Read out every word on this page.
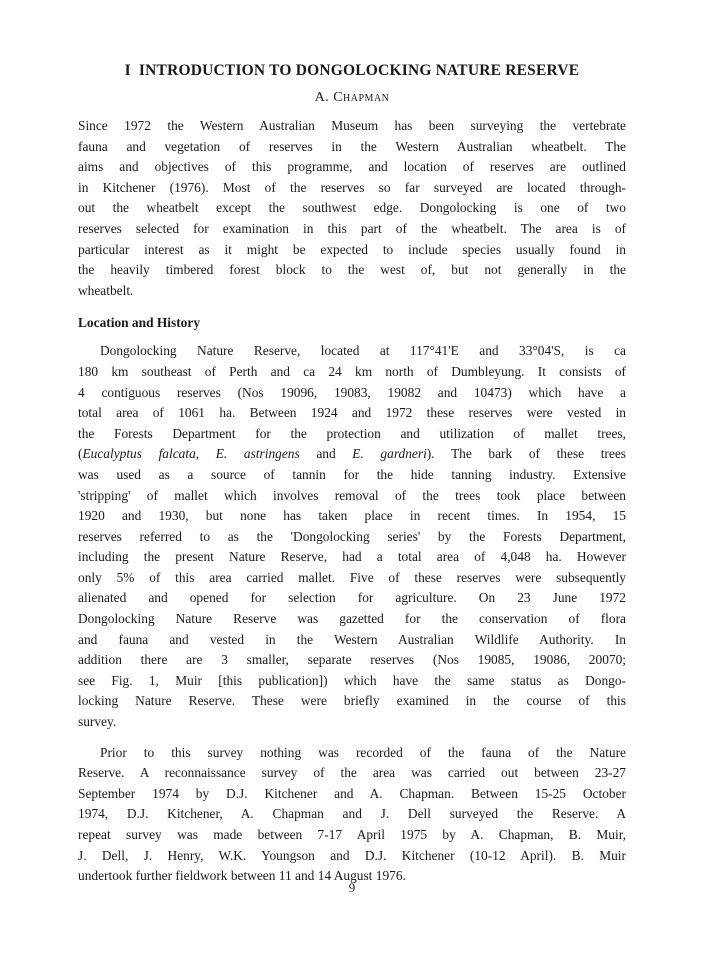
I INTRODUCTION TO DONGOLOCKING NATURE RESERVE
A. Chapman

Since 1972 the Western Australian Museum has been surveying the vertebrate
fauna and vegetation of reserves in the Western Australian wheatbelt. The
aims and objectives of this programme, and location of reserves are outlined
in Kitchener (1976). Most of the reserves so far surveyed are located through-
out the wheatbelt except the southwest edge. Dongolocking is one of two
reserves selected for examination in this part of the wheatbelt. The area is of
particular interest as it might be expected to include species usually found in
the heavily timbered forest block to the west of, but not generally in the
wheatbelt.

Location and History

Dongolocking Nature Reserve, located at 117°41'E and 33°04'S, is ca
180 km southeast of Perth and ca 24 km north of Dumbleyung. It consists of
4 contiguous reserves (Nos 19096, 19083, 19082 and 10473) which have a
total area of 1061 ha. Between 1924 and 1972 these reserves were vested in
the Forests Department for the protection and utilization of mallet trees,
(Eucalyptus falcata, E. astringens and E. gardneri). The bark of these trees
was used as a source of tannin for the hide tanning industry. Extensive
'stripping' of mallet which involves removal of the trees took place between
1920 and 1930, but none has taken place in recent times. In 1954, 15
reserves referred to as the 'Dongolocking series' by the Forests Department,
including the present Nature Reserve, had a total area of 4,048 ha. However
only 5% of this area carried mallet. Five of these reserves were subsequently
alienated and opened for selection for agriculture. On 23 June 1972
Dongolocking Nature Reserve was gazetted for the conservation of flora
and fauna and vested in the Western Australian Wildlife Authority. In
addition there are 3 smaller, separate reserves (Nos 19085, 19086, 20070;
see Fig. 1, Muir [this publication]) which have the same status as Dongo-
locking Nature Reserve. These were briefly examined in the course of this
survey.

Prior to this survey nothing was recorded of the fauna of the Nature
Reserve. A reconnaissance survey of the area was carried out between 23-27
September 1974 by D.J. Kitchener and A. Chapman. Between 15-25 October
1974, D.J. Kitchener, A. Chapman and J. Dell surveyed the Reserve. A
repeat survey was made between 7-17 April 1975 by A. Chapman, B. Muir,
J. Dell, J. Henry, W.K. Youngson and D.J. Kitchener (10-12 April). B. Muir
undertook further fieldwork between 11 and 14 August 1976.

9
